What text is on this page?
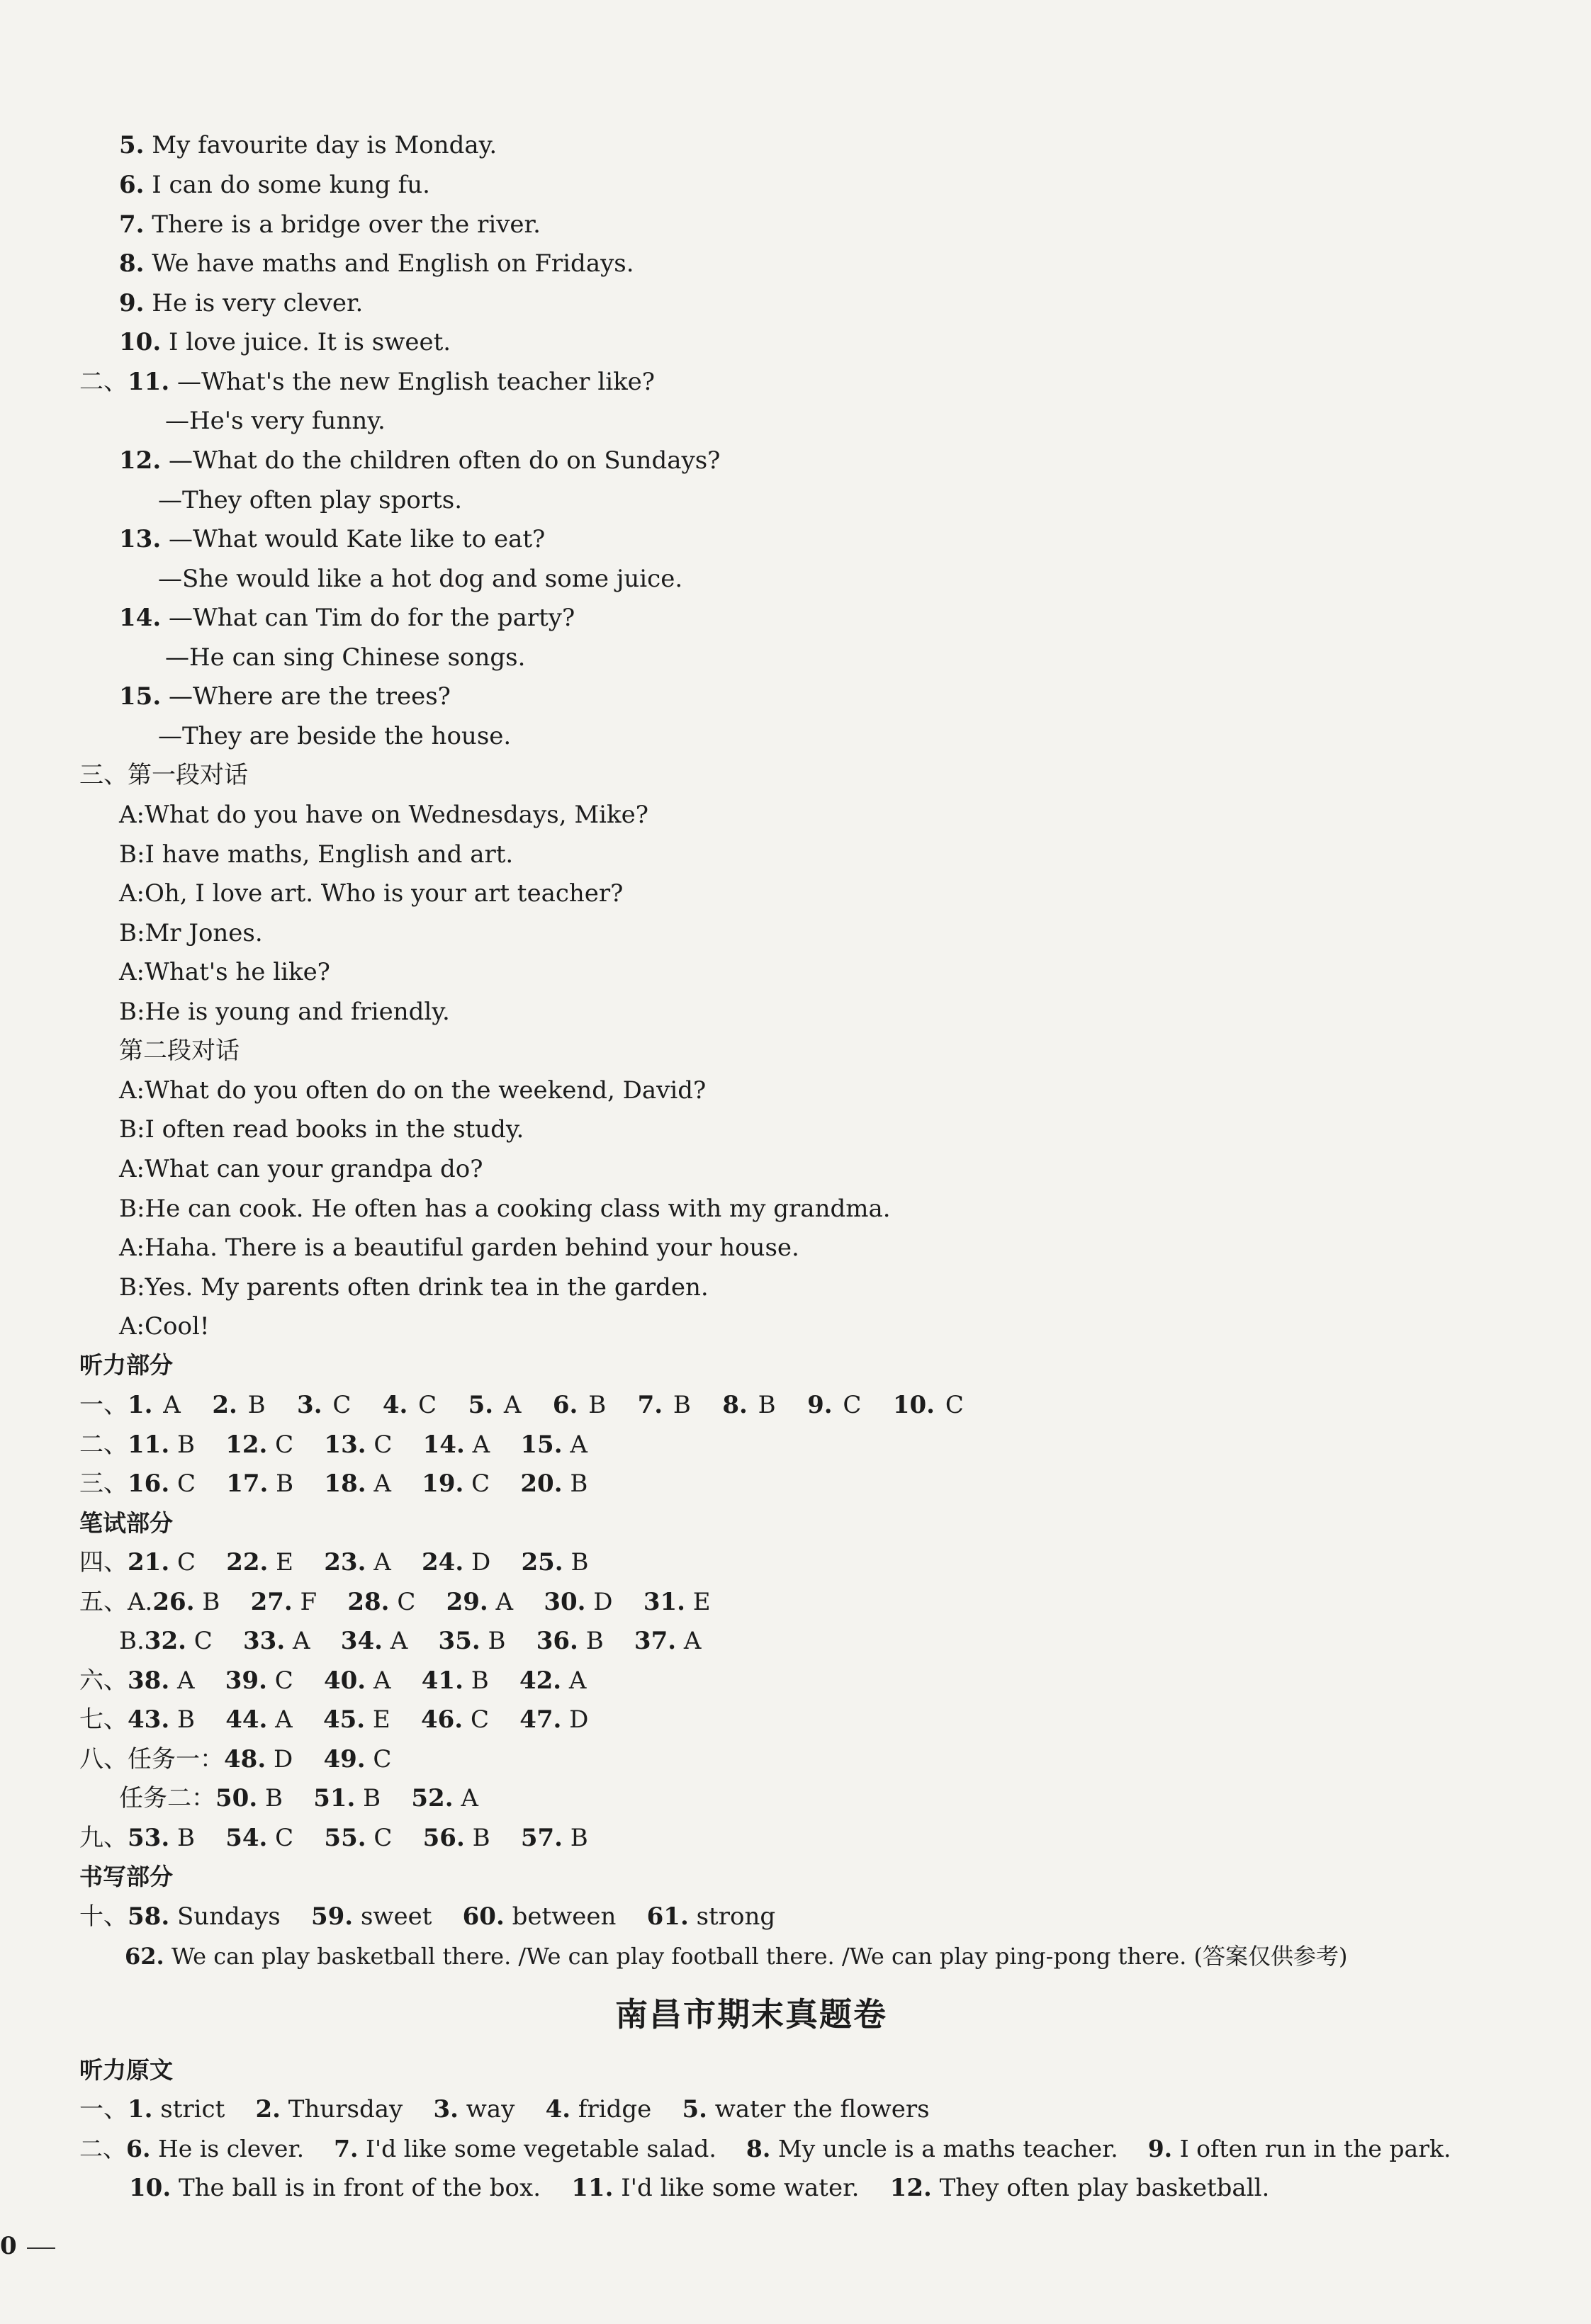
5. My favourite day is Monday.
6. I can do some kung fu.
7. There is a bridge over the river.
8. We have maths and English on Fridays.
9. He is very clever.
10. I love juice. It is sweet.
二、11. —What's the new English teacher like?
—He's very funny.
12. —What do the children often do on Sundays?
—They often play sports.
13. —What would Kate like to eat?
—She would like a hot dog and some juice.
14. —What can Tim do for the party?
—He can sing Chinese songs.
15. —Where are the trees?
—They are beside the house.
三、第一段对话
A:What do you have on Wednesdays, Mike?
B:I have maths, English and art.
A:Oh, I love art. Who is your art teacher?
B:Mr Jones.
A:What's he like?
B:He is young and friendly.
第二段对话
A:What do you often do on the weekend, David?
B:I often read books in the study.
A:What can your grandpa do?
B:He can cook. He often has a cooking class with my grandma.
A:Haha. There is a beautiful garden behind your house.
B:Yes. My parents often drink tea in the garden.
A:Cool!
听力部分
一、1. A 2. B 3. C 4. C 5. A 6. B 7. B 8. B 9. C 10. C
二、11. B 12. C 13. C 14. A 15. A
三、16. C 17. B 18. A 19. C 20. B
笔试部分
四、21. C 22. E 23. A 24. D 25. B
五、A.26. B 27. F 28. C 29. A 30. D 31. E
B.32. C 33. A 34. A 35. B 36. B 37. A
六、38. A 39. C 40. A 41. B 42. A
七、43. B 44. A 45. E 46. C 47. D
八、任务一：48. D 49. C
任务二：50. B 51. B 52. A
九、53. B 54. C 55. C 56. B 57. B
书写部分
十、58. Sundays 59. sweet 60. between 61. strong
62. We can play basketball there. /We can play football there. /We can play ping-pong there. (答案仅供参考)
南昌市期末真题卷
听力原文
一、1. strict 2. Thursday 3. way 4. fridge 5. water the flowers
二、6. He is clever. 7. I'd like some vegetable salad. 8. My uncle is a maths teacher. 9. I often run in the park.
10. The ball is in front of the box. 11. I'd like some water. 12. They often play basketball.
0
